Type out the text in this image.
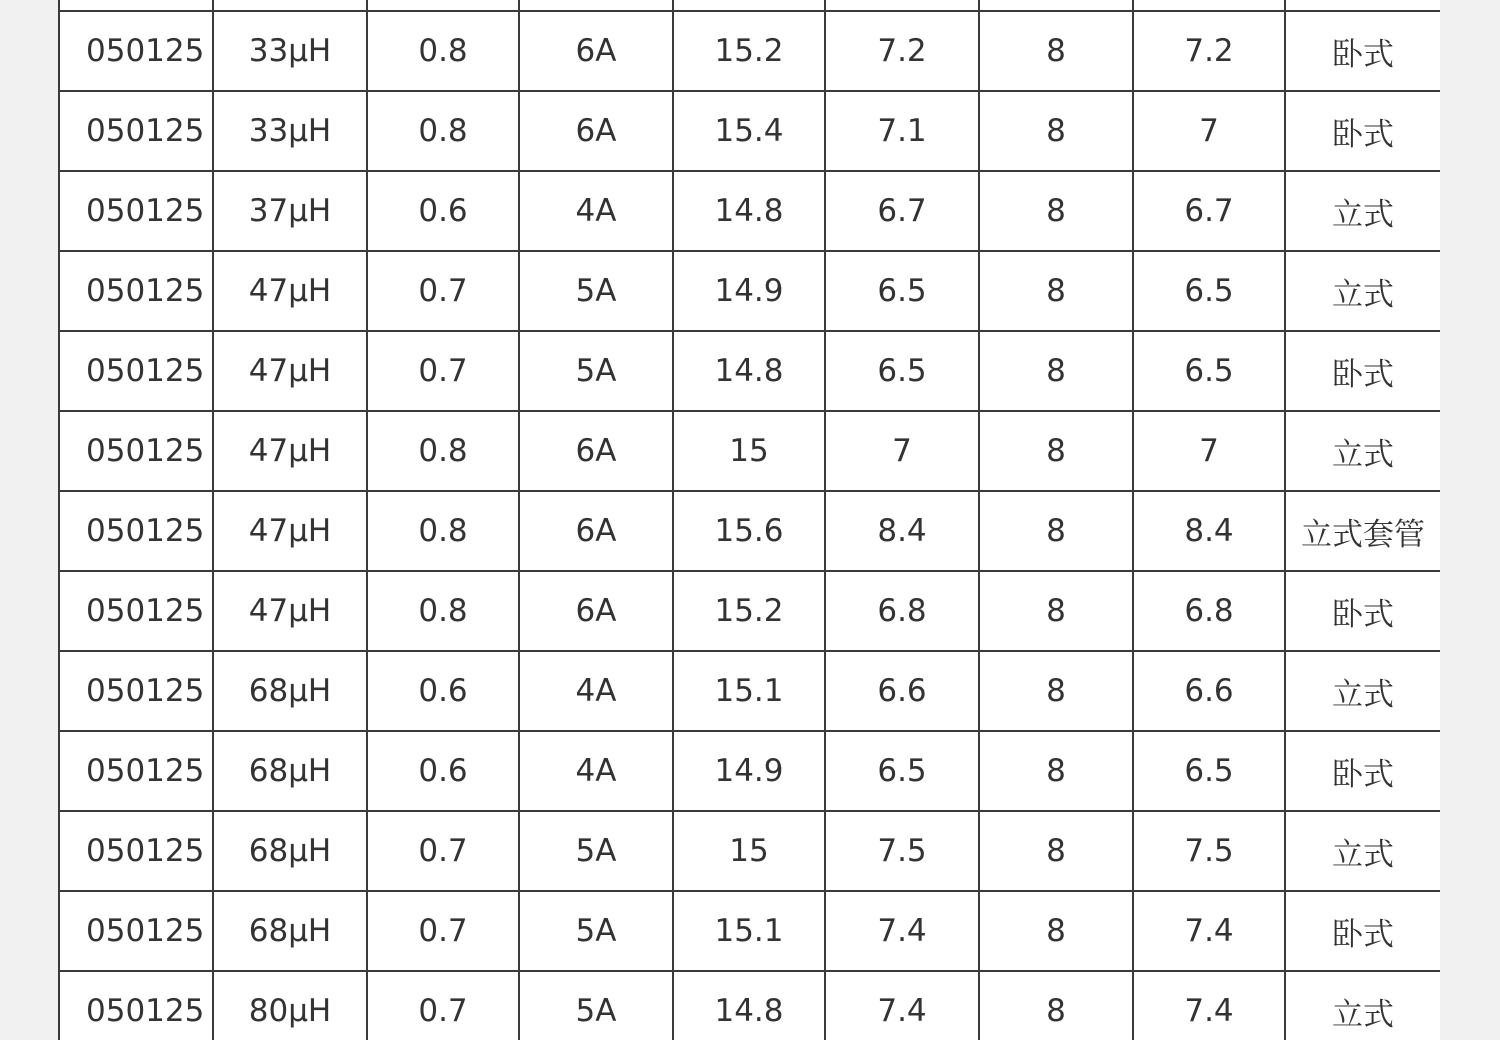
050125	33μH	0.8	6A	15.2	7.2	8	7.2	卧式
050125	33μH	0.8	6A	15.4	7.1	8	7	卧式
050125	37μH	0.6	4A	14.8	6.7	8	6.7	立式
050125	47μH	0.7	5A	14.9	6.5	8	6.5	立式
050125	47μH	0.7	5A	14.8	6.5	8	6.5	卧式
050125	47μH	0.8	6A	15	7	8	7	立式
050125	47μH	0.8	6A	15.6	8.4	8	8.4	立式套管
050125	47μH	0.8	6A	15.2	6.8	8	6.8	卧式
050125	68μH	0.6	4A	15.1	6.6	8	6.6	立式
050125	68μH	0.6	4A	14.9	6.5	8	6.5	卧式
050125	68μH	0.7	5A	15	7.5	8	7.5	立式
050125	68μH	0.7	5A	15.1	7.4	8	7.4	卧式
050125	80μH	0.7	5A	14.8	7.4	8	7.4	立式
